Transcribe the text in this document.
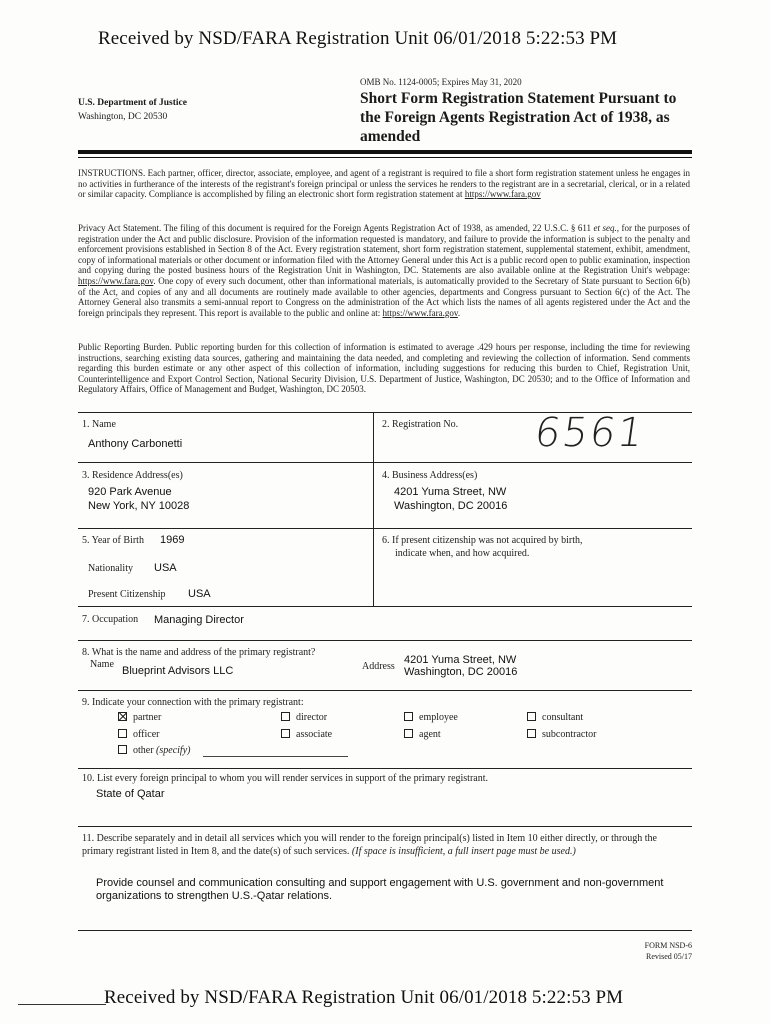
Received by NSD/FARA Registration Unit 06/01/2018 5:22:53 PM
OMB No. 1124-0005; Expires May 31, 2020
U.S. Department of Justice
Washington, DC 20530
Short Form Registration Statement Pursuant to the Foreign Agents Registration Act of 1938, as amended
INSTRUCTIONS. Each partner, officer, director, associate, employee, and agent of a registrant is required to file a short form registration statement unless he engages in no activities in furtherance of the interests of the registrant's foreign principal or unless the services he renders to the registrant are in a secretarial, clerical, or in a related or similar capacity. Compliance is accomplished by filing an electronic short form registration statement at https://www.fara.gov
Privacy Act Statement. The filing of this document is required for the Foreign Agents Registration Act of 1938, as amended, 22 U.S.C. § 611 et seq., for the purposes of registration under the Act and public disclosure. Provision of the information requested is mandatory, and failure to provide the information is subject to the penalty and enforcement provisions established in Section 8 of the Act. Every registration statement, short form registration statement, supplemental statement, exhibit, amendment, copy of informational materials or other document or information filed with the Attorney General under this Act is a public record open to public examination, inspection and copying during the posted business hours of the Registration Unit in Washington, DC. Statements are also available online at the Registration Unit's webpage: https://www.fara.gov. One copy of every such document, other than informational materials, is automatically provided to the Secretary of State pursuant to Section 6(b) of the Act, and copies of any and all documents are routinely made available to other agencies, departments and Congress pursuant to Section 6(c) of the Act. The Attorney General also transmits a semi-annual report to Congress on the administration of the Act which lists the names of all agents registered under the Act and the foreign principals they represent. This report is available to the public and online at: https://www.fara.gov.
Public Reporting Burden. Public reporting burden for this collection of information is estimated to average .429 hours per response, including the time for reviewing instructions, searching existing data sources, gathering and maintaining the data needed, and completing and reviewing the collection of information. Send comments regarding this burden estimate or any other aspect of this collection of information, including suggestions for reducing this burden to Chief, Registration Unit, Counterintelligence and Export Control Section, National Security Division, U.S. Department of Justice, Washington, DC 20530; and to the Office of Information and Regulatory Affairs, Office of Management and Budget, Washington, DC 20503.
1. Name
Anthony Carbonetti
2. Registration No. 6561
3. Residence Address(es)
920 Park Avenue
New York, NY 10028
4. Business Address(es)
4201 Yuma Street, NW
Washington, DC 20016
5. Year of Birth 1969
Nationality USA
Present Citizenship USA
6. If present citizenship was not acquired by birth,
indicate when, and how acquired.
7. Occupation Managing Director
8. What is the name and address of the primary registrant?
Name
Blueprint Advisors LLC	Address
4201 Yuma Street, NW
Washington, DC 20016
9. Indicate your connection with the primary registrant:
partner
officer
other (specify)
director
associate
employee
agent
consultant
subcontractor
10. List every foreign principal to whom you will render services in support of the primary registrant.
State of Qatar
11. Describe separately and in detail all services which you will render to the foreign principal(s) listed in Item 10 either directly, or through the primary registrant listed in Item 8, and the date(s) of such services. (If space is insufficient, a full insert page must be used.)
Provide counsel and communication consulting and support engagement with U.S. government and non-government organizations to strengthen U.S.-Qatar relations.
FORM NSD-6
Revised 05/17
Received by NSD/FARA Registration Unit 06/01/2018 5:22:53 PM
